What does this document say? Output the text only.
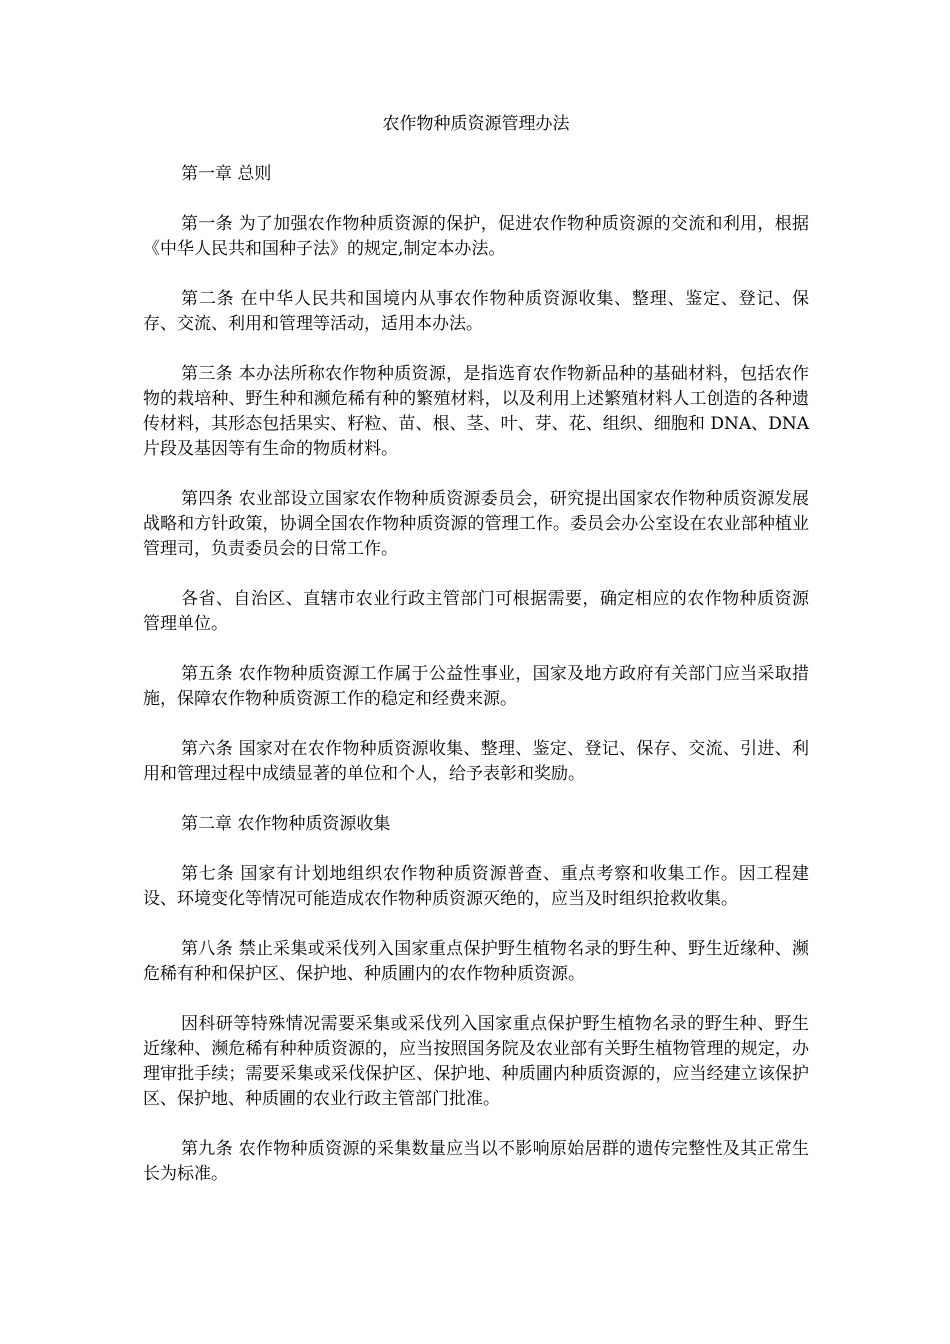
农作物种质资源管理办法

第一章 总则

第一条 为了加强农作物种质资源的保护，促进农作物种质资源的交流和利用，根据《中华人民共和国种子法》的规定,制定本办法。

第二条 在中华人民共和国境内从事农作物种质资源收集、整理、鉴定、登记、保存、交流、利用和管理等活动，适用本办法。

第三条 本办法所称农作物种质资源，是指选育农作物新品种的基础材料，包括农作物的栽培种、野生种和濒危稀有种的繁殖材料，以及利用上述繁殖材料人工创造的各种遗传材料，其形态包括果实、籽粒、苗、根、茎、叶、芽、花、组织、细胞和 DNA、DNA 片段及基因等有生命的物质材料。

第四条 农业部设立国家农作物种质资源委员会，研究提出国家农作物种质资源发展战略和方针政策，协调全国农作物种质资源的管理工作。委员会办公室设在农业部种植业管理司，负责委员会的日常工作。

各省、自治区、直辖市农业行政主管部门可根据需要，确定相应的农作物种质资源管理单位。

第五条 农作物种质资源工作属于公益性事业，国家及地方政府有关部门应当采取措施，保障农作物种质资源工作的稳定和经费来源。

第六条 国家对在农作物种质资源收集、整理、鉴定、登记、保存、交流、引进、利用和管理过程中成绩显著的单位和个人，给予表彰和奖励。

第二章 农作物种质资源收集

第七条 国家有计划地组织农作物种质资源普查、重点考察和收集工作。因工程建设、环境变化等情况可能造成农作物种质资源灭绝的，应当及时组织抢救收集。

第八条 禁止采集或采伐列入国家重点保护野生植物名录的野生种、野生近缘种、濒危稀有种和保护区、保护地、种质圃内的农作物种质资源。

因科研等特殊情况需要采集或采伐列入国家重点保护野生植物名录的野生种、野生近缘种、濒危稀有种种质资源的，应当按照国务院及农业部有关野生植物管理的规定，办理审批手续；需要采集或采伐保护区、保护地、种质圃内种质资源的，应当经建立该保护区、保护地、种质圃的农业行政主管部门批准。

第九条 农作物种质资源的采集数量应当以不影响原始居群的遗传完整性及其正常生长为标准。
